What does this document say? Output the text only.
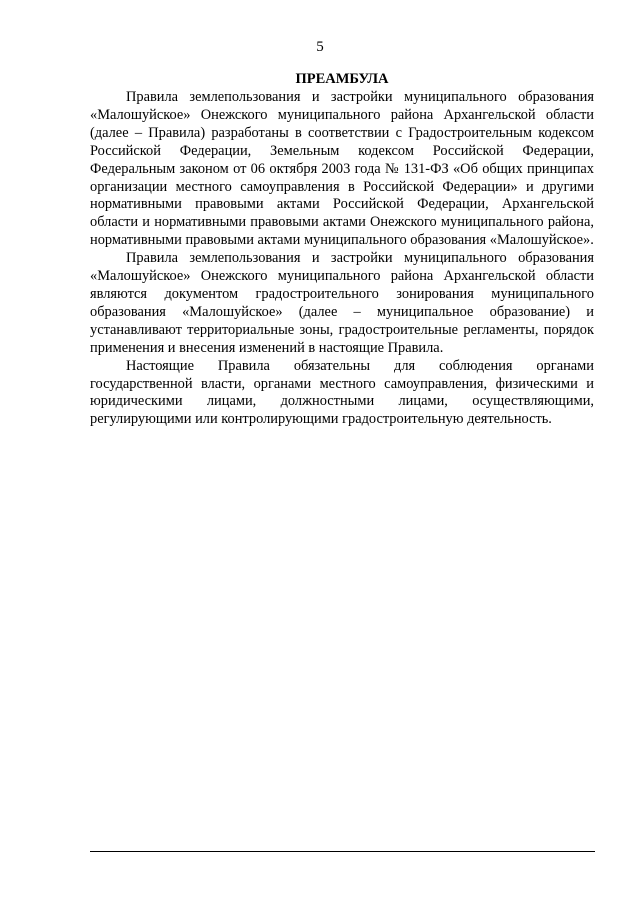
5

ПРЕАМБУЛА

Правила землепользования и застройки муниципального образования «Малошуйское» Онежского муниципального района Архангельской области (далее – Правила) разработаны в соответствии с Градостроительным кодексом Российской Федерации, Земельным кодексом Российской Федерации, Федеральным законом от 06 октября 2003 года № 131-ФЗ «Об общих принципах организации местного самоуправления в Российской Федерации» и другими нормативными правовыми актами Российской Федерации, Архангельской области и нормативными правовыми актами Онежского муниципального района, нормативными правовыми актами муниципального образования «Малошуйское».

Правила землепользования и застройки муниципального образования «Малошуйское» Онежского муниципального района Архангельской области являются документом градостроительного зонирования муниципального образования «Малошуйское» (далее – муниципальное образование) и устанавливают территориальные зоны, градостроительные регламенты, порядок применения и внесения изменений в настоящие Правила.

Настоящие Правила обязательны для соблюдения органами государственной власти, органами местного самоуправления, физическими и юридическими лицами, должностными лицами, осуществляющими, регулирующими или контролирующими градостроительную деятельность.
